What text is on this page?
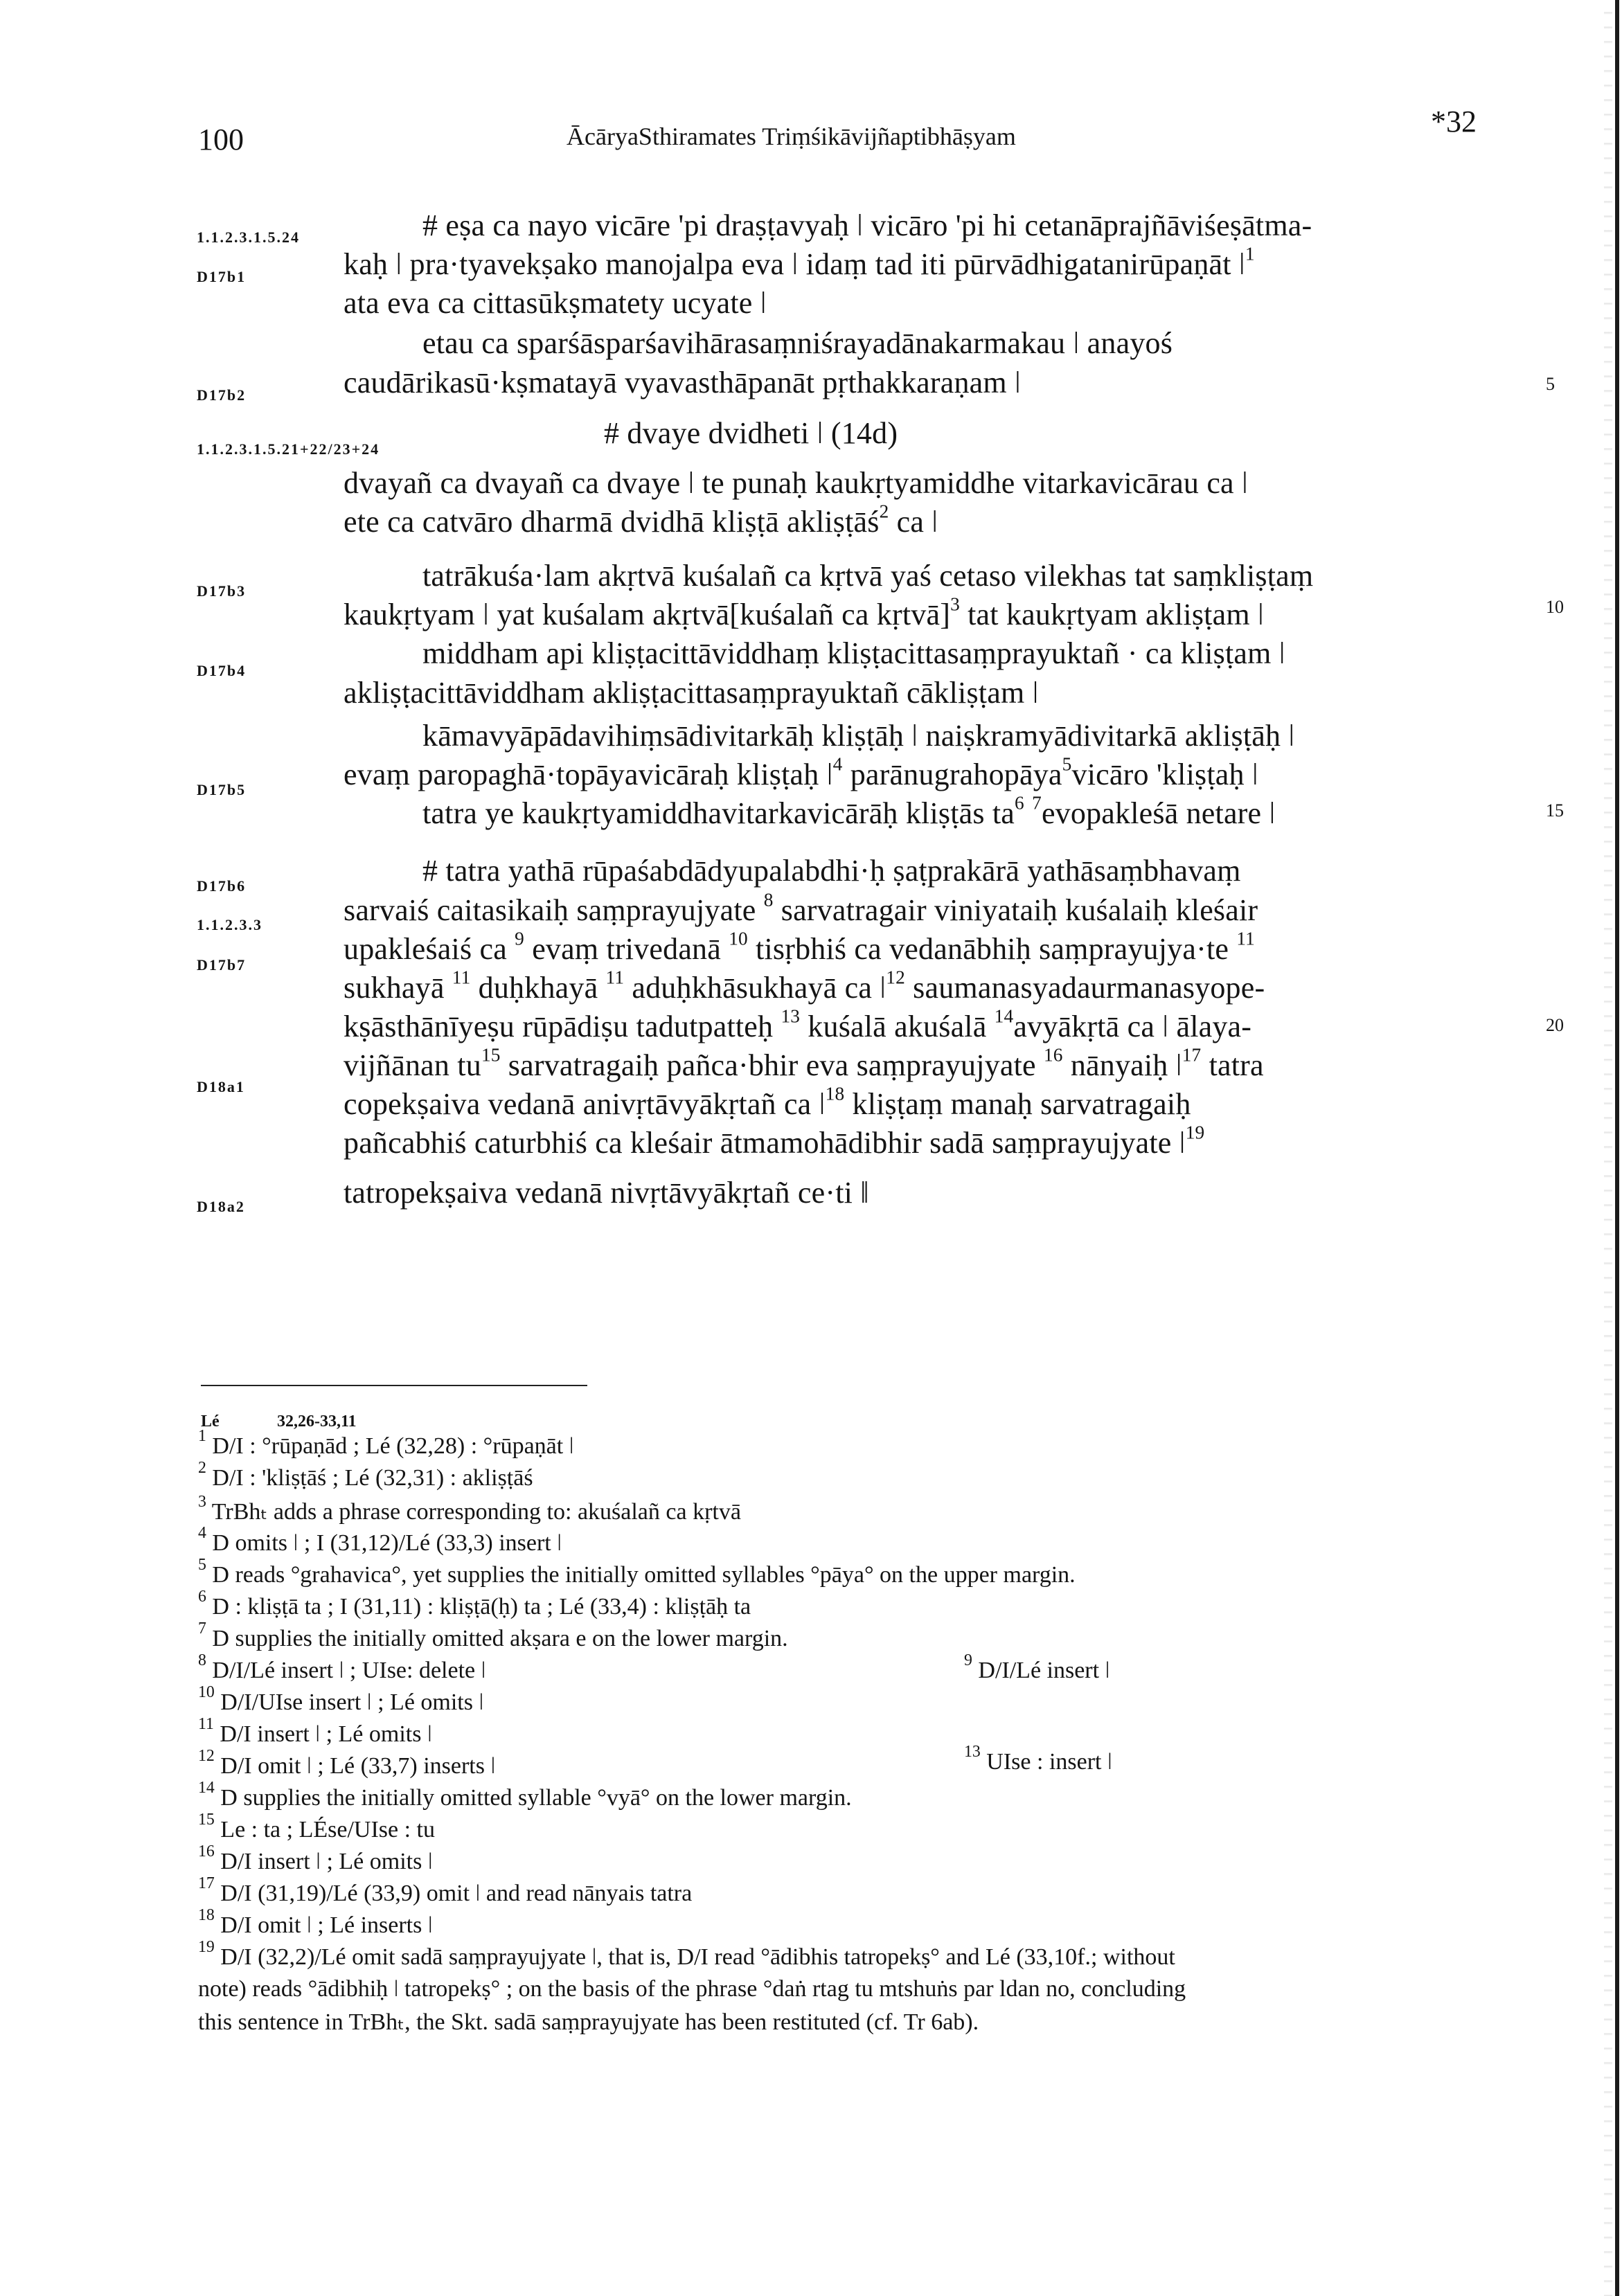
100	ĀcāryaSthiramates Triṃśikāvijñaptibhāṣyam	*32
1.1.2.3.1.5.24
D17b1
D17b2
1.1.2.3.1.5.21+22/23+24
D17b3
D17b4
D17b5
D17b6
1.1.2.3.3
D17b7
D18a1
D18a2
5
10
15
20
# eṣa ca nayo vicāre 'pi draṣṭavyaḥ ǀ vicāro 'pi hi cetanāprajñāviśeṣātma-
kaḥ ǀ pra·tyavekṣako manojalpa eva ǀ idaṃ tad iti pūrvādhigatanirūpaṇāt $ǀ^1$
ata eva ca cittasūkṣmatety ucyate ǀ
etau ca sparśāsparśavihārasaṃniśrayadānakarmakau ǀ anayoś
caudārikasū·kṣmatayā vyavasthāpanāt pṛthakkaraṇam ǀ
# dvaye dvidheti ǀ (14d)
dvayañ ca dvayañ ca dvaye ǀ te punaḥ kaukṛtyamiddhe vitarkavicārau ca ǀ
ete ca catvāro dharmā dvidhā kliṣṭā akliṣṭāś$^2$ ca ǀ
tatrākuśa·lam akṛtvā kuśalañ ca kṛtvā yaś cetaso vilekhas tat saṃkliṣṭaṃ
kaukṛtyam ǀ yat kuśalam akṛtvā[kuśalañ ca kṛtvā]$^3$ tat kaukṛtyam akliṣṭam ǀ
middham api kliṣṭacittāviddhaṃ kliṣṭacittasaṃprayuktañ · ca kliṣṭam ǀ
akliṣṭacittāviddham akliṣṭacittasaṃprayuktañ cākliṣṭam ǀ
kāmavyāpādavihiṃsādivitarkāḥ kliṣṭāḥ ǀ naiṣkramyādivitarkā akliṣṭāḥ ǀ
evaṃ paropaghā·topāyavicāraḥ kliṣṭaḥ $ǀ^4$ parānugrahopāya$^5$vicāro 'kliṣṭaḥ ǀ
tatra ye kaukṛtyamiddhavitarkavicārāḥ kliṣṭās $ta^6$ $^7$evopakleśā netare ǀ
# tatra yathā rūpaśabdādyupalabdhi·ḥ ṣaṭprakārā yathāsaṃbhavaṃ
sarvaiś caitasikaiḥ saṃprayujyate $^8$ sarvatragair viniyataiḥ kuśalaiḥ kleśair
upakleśaiś ca $^9$ evaṃ trivedanā $^{10}$ tisṛbhiś ca vedanābhiḥ saṃprayujya·te $^{11}$
sukhayā $^{11}$ duḥkhayā $^{11}$ aduḥkhāsukhayā ca $ǀ^{12}$ saumanasyadaurmanasyope-
kṣāsthānīyeṣu rūpādiṣu tadutpatteḥ $^{13}$ kuśalā akuśalā $^{14}$avyākṛtā ca ǀ ālaya-
vijñānan $tu^{15}$ sarvatragaiḥ pañca·bhir eva saṃprayujyate $^{16}$ nānyaiḥ $ǀ^{17}$ tatra
copekṣaiva vedanā anivṛtāvyākṛtañ ca $ǀ^{18}$ kliṣṭaṃ manaḥ sarvatragaiḥ
pañcabhiś caturbhiś ca kleśair ātmamohādibhir sadā saṃprayujyate $ǀ^{19}$
tatropekṣaiva vedanā nivṛtāvyākṛtañ ce·ti ǁ
Lé	32,26-33,11
$^1$ D/I : °rūpaṇād ; Lé (32,28) : °rūpaṇāt ǀ
$^2$ D/I : 'kliṣṭāś ; Lé (32,31) : akliṣṭāś
$^3$ TrBhₜ adds a phrase corresponding to: akuśalañ ca kṛtvā
$^4$ D omits ǀ ; I (31,12)/Lé (33,3) insert ǀ
$^5$ D reads °grahavica°, yet supplies the initially omitted syllables °pāya° on the upper margin.
$^6$ D : kliṣṭā ta ; I (31,11) : kliṣṭā(ḥ) ta ; Lé (33,4) : kliṣṭāḥ ta
$^7$ D supplies the initially omitted akṣara e on the lower margin.
$^8$ D/I/Lé insert ǀ ; UIse: delete ǀ	$^9$ D/I/Lé insert ǀ
$^{10}$ D/I/UIse insert ǀ ; Lé omits ǀ
$^{11}$ D/I insert ǀ ; Lé omits ǀ
$^{12}$ D/I omit ǀ ; Lé (33,7) inserts ǀ
$^{13}$ UIse : insert ǀ
$^{14}$ D supplies the initially omitted syllable °vyā° on the lower margin.
$^{15}$ Le : ta ; LÉse/UIse : tu
$^{16}$ D/I insert ǀ ; Lé omits ǀ
$^{17}$ D/I (31,19)/Lé (33,9) omit ǀ and read nānyais tatra
$^{18}$ D/I omit ǀ ; Lé inserts ǀ
$^{19}$ D/I (32,2)/Lé omit sadā saṃprayujyate ǀ, that is, D/I read °ādibhis tatropekṣ° and Lé (33,10f.; without
note) reads °ādibhiḥ ǀ tatropekṣ° ; on the basis of the phrase °daṅ rtag tu mtshuṅs par ldan no, concluding
this sentence in TrBhₜ, the Skt. sadā saṃprayujyate has been restituted (cf. Tr 6ab).
